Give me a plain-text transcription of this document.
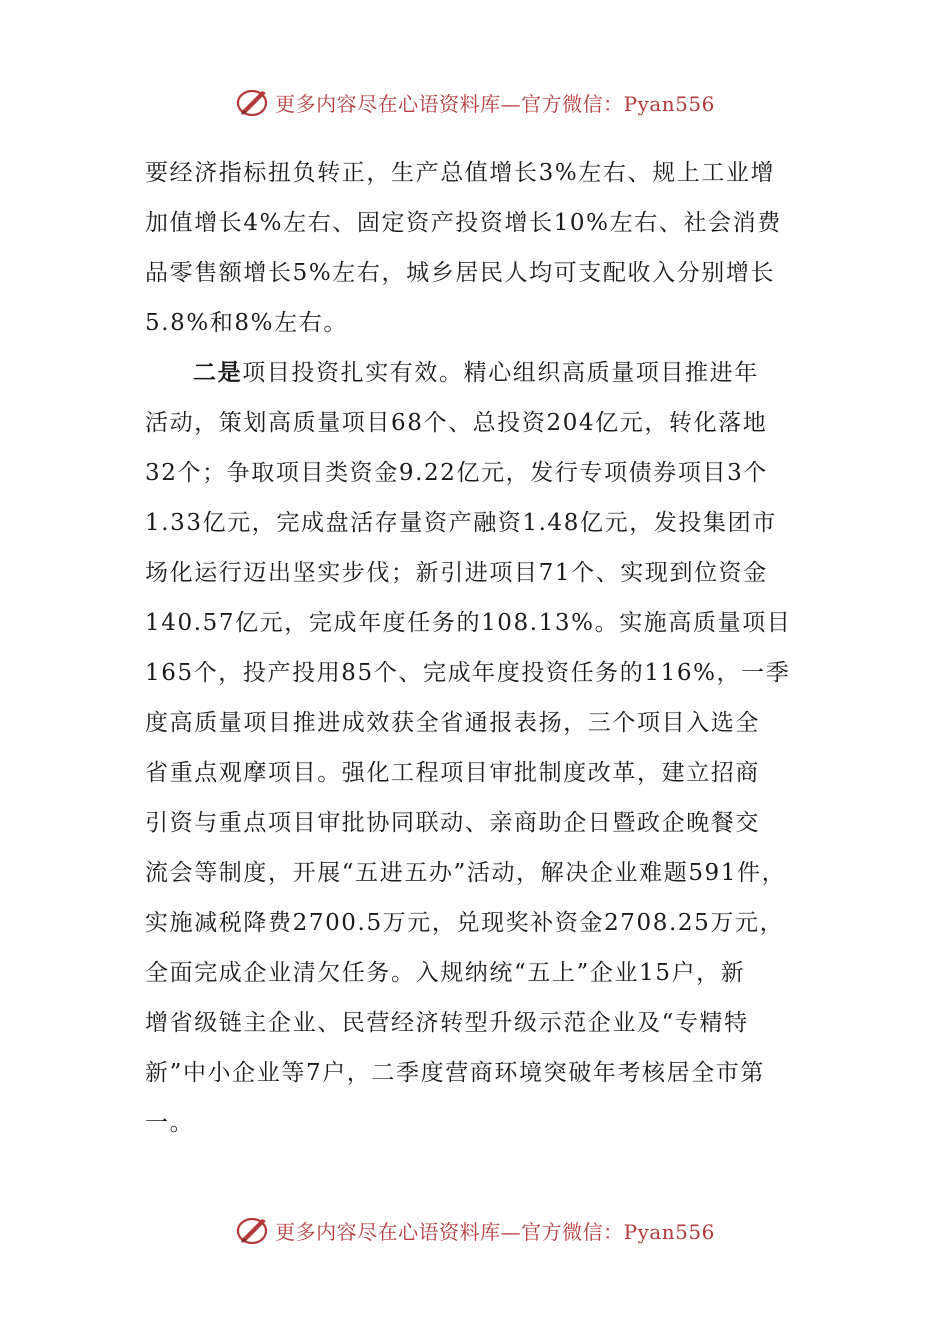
更多内容尽在心语资料库—官方微信：Pyan556
要经济指标扭负转正，生产总值增长3%左右、规上工业增
加值增长4%左右、固定资产投资增长10%左右、社会消费
品零售额增长5%左右，城乡居民人均可支配收入分别增长
5.8%和8%左右。
二是项目投资扎实有效。精心组织高质量项目推进年
活动，策划高质量项目68个、总投资204亿元，转化落地
32个；争取项目类资金9.22亿元，发行专项债券项目3个
1.33亿元，完成盘活存量资产融资1.48亿元，发投集团市
场化运行迈出坚实步伐；新引进项目71个、实现到位资金
140.57亿元，完成年度任务的108.13%。实施高质量项目
165个，投产投用85个、完成年度投资任务的116%，一季
度高质量项目推进成效获全省通报表扬，三个项目入选全
省重点观摩项目。强化工程项目审批制度改革，建立招商
引资与重点项目审批协同联动、亲商助企日暨政企晚餐交
流会等制度，开展“五进五办”活动，解决企业难题591件，
实施减税降费2700.5万元，兑现奖补资金2708.25万元，
全面完成企业清欠任务。入规纳统“五上”企业15户，新
增省级链主企业、民营经济转型升级示范企业及“专精特
新”中小企业等7户，二季度营商环境突破年考核居全市第
一。
更多内容尽在心语资料库—官方微信：Pyan556
